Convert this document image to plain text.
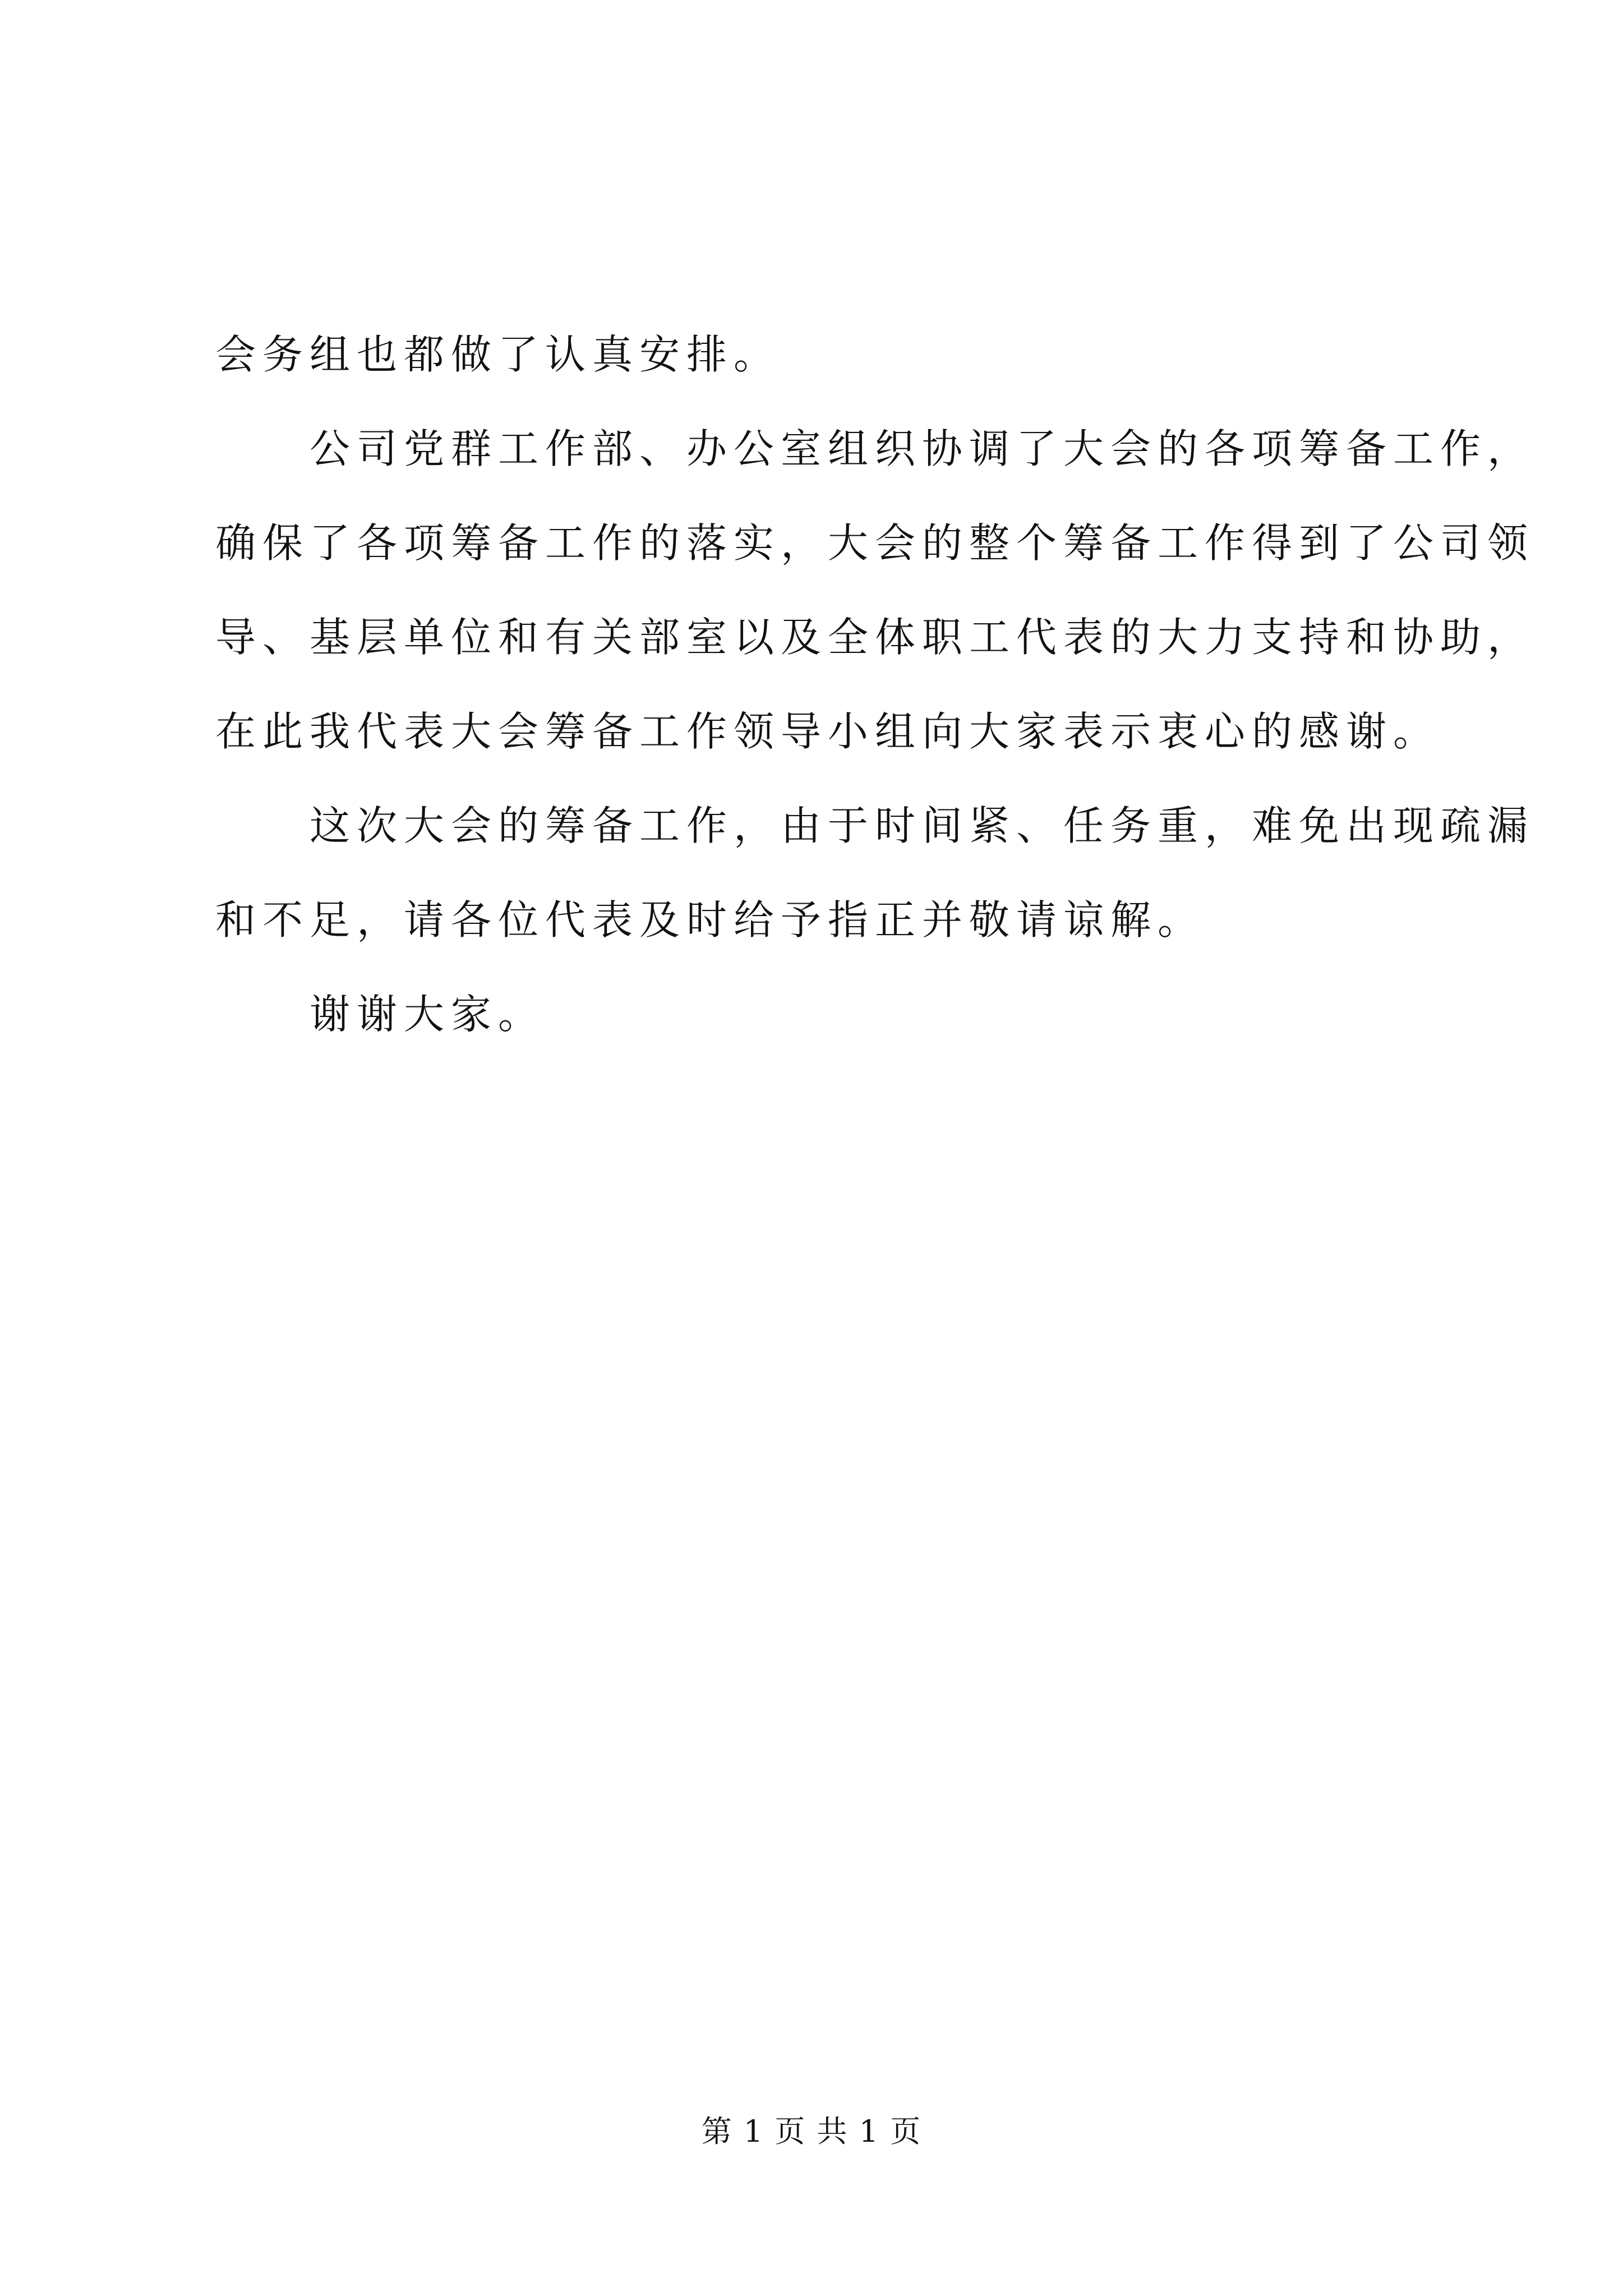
会务组也都做了认真安排。
公司党群工作部、办公室组织协调了大会的各项筹备工作，
确保了各项筹备工作的落实，大会的整个筹备工作得到了公司领
导、基层单位和有关部室以及全体职工代表的大力支持和协助，
在此我代表大会筹备工作领导小组向大家表示衷心的感谢。
这次大会的筹备工作，由于时间紧、任务重，难免出现疏漏
和不足，请各位代表及时给予指正并敬请谅解。
谢谢大家。
第 1 页 共 1 页
